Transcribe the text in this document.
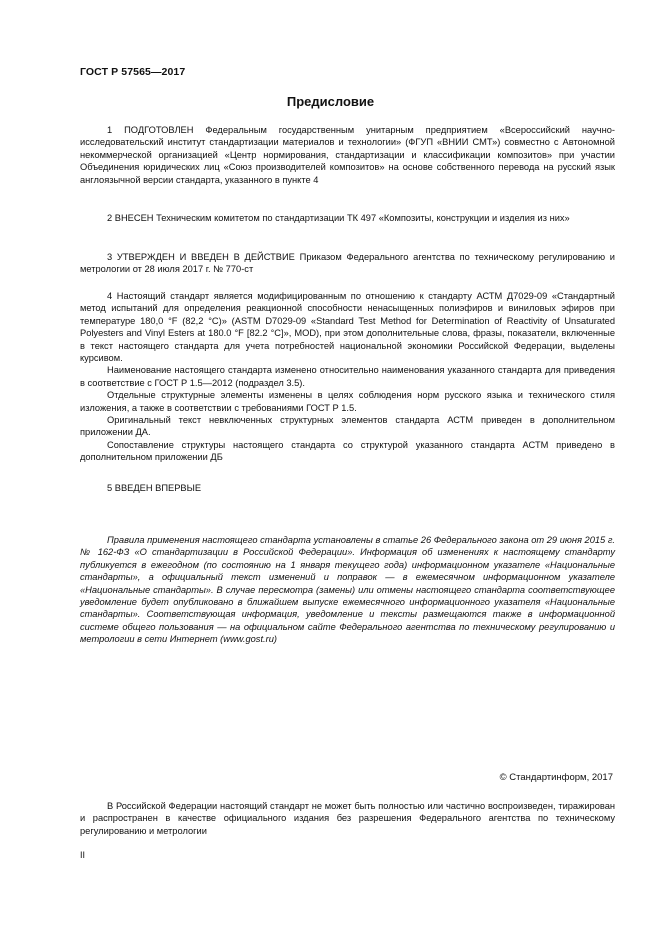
ГОСТ Р 57565—2017
Предисловие

1 ПОДГОТОВЛЕН Федеральным государственным унитарным предприятием «Всероссийский научно-исследовательский институт стандартизации материалов и технологии» (ФГУП «ВНИИ СМТ») совместно с Автономной некоммерческой организацией «Центр нормирования, стандартизации и классификации композитов» при участии Объединения юридических лиц «Союз производителей композитов» на основе собственного перевода на русский язык англоязычной версии стандарта, указанного в пункте 4

2 ВНЕСЕН Техническим комитетом по стандартизации ТК 497 «Композиты, конструкции и изделия из них»

3 УТВЕРЖДЕН И ВВЕДЕН В ДЕЙСТВИЕ Приказом Федерального агентства по техническому регулированию и метрологии от 28 июля 2017 г. № 770-ст

4 Настоящий стандарт является модифицированным по отношению к стандарту АСТМ Д7029-09 «Стандартный метод испытаний для определения реакционной способности ненасыщенных полиэфиров и виниловых эфиров при температуре 180,0 °F (82,2 °C)» (ASTM D7029-09 «Standard Test Method for Determination of Reactivity of Unsaturated Polyesters and Vinyl Esters at 180.0 °F [82.2 °C]», MOD), при этом дополнительные слова, фразы, показатели, включенные в текст настоящего стандарта для учета потребностей национальной экономики Российской Федерации, выделены курсивом.

Наименование настоящего стандарта изменено относительно наименования указанного стандарта для приведения в соответствие с ГОСТ Р 1.5—2012 (подраздел 3.5).

Отдельные структурные элементы изменены в целях соблюдения норм русского языка и технического стиля изложения, а также в соответствии с требованиями ГОСТ Р 1.5.

Оригинальный текст невключенных структурных элементов стандарта АСТМ приведен в дополнительном приложении ДА.

Сопоставление структуры настоящего стандарта со структурой указанного стандарта АСТМ приведено в дополнительном приложении ДБ

5 ВВЕДЕН ВПЕРВЫЕ

Правила применения настоящего стандарта установлены в статье 26 Федерального закона от 29 июня 2015 г. № 162-ФЗ «О стандартизации в Российской Федерации». Информация об изменениях к настоящему стандарту публикуется в ежегодном (по состоянию на 1 января текущего года) информационном указателе «Национальные стандарты», а официальный текст изменений и поправок — в ежемесячном информационном указателе «Национальные стандарты». В случае пересмотра (замены) или отмены настоящего стандарта соответствующее уведомление будет опубликовано в ближайшем выпуске ежемесячного информационного указателя «Национальные стандарты». Соответствующая информация, уведомление и тексты размещаются также в информационной системе общего пользования — на официальном сайте Федерального агентства по техническому регулированию и метрологии в сети Интернет (www.gost.ru)

© Стандартинформ, 2017

В Российской Федерации настоящий стандарт не может быть полностью или частично воспроизведен, тиражирован и распространен в качестве официального издания без разрешения Федерального агентства по техническому регулированию и метрологии

II
